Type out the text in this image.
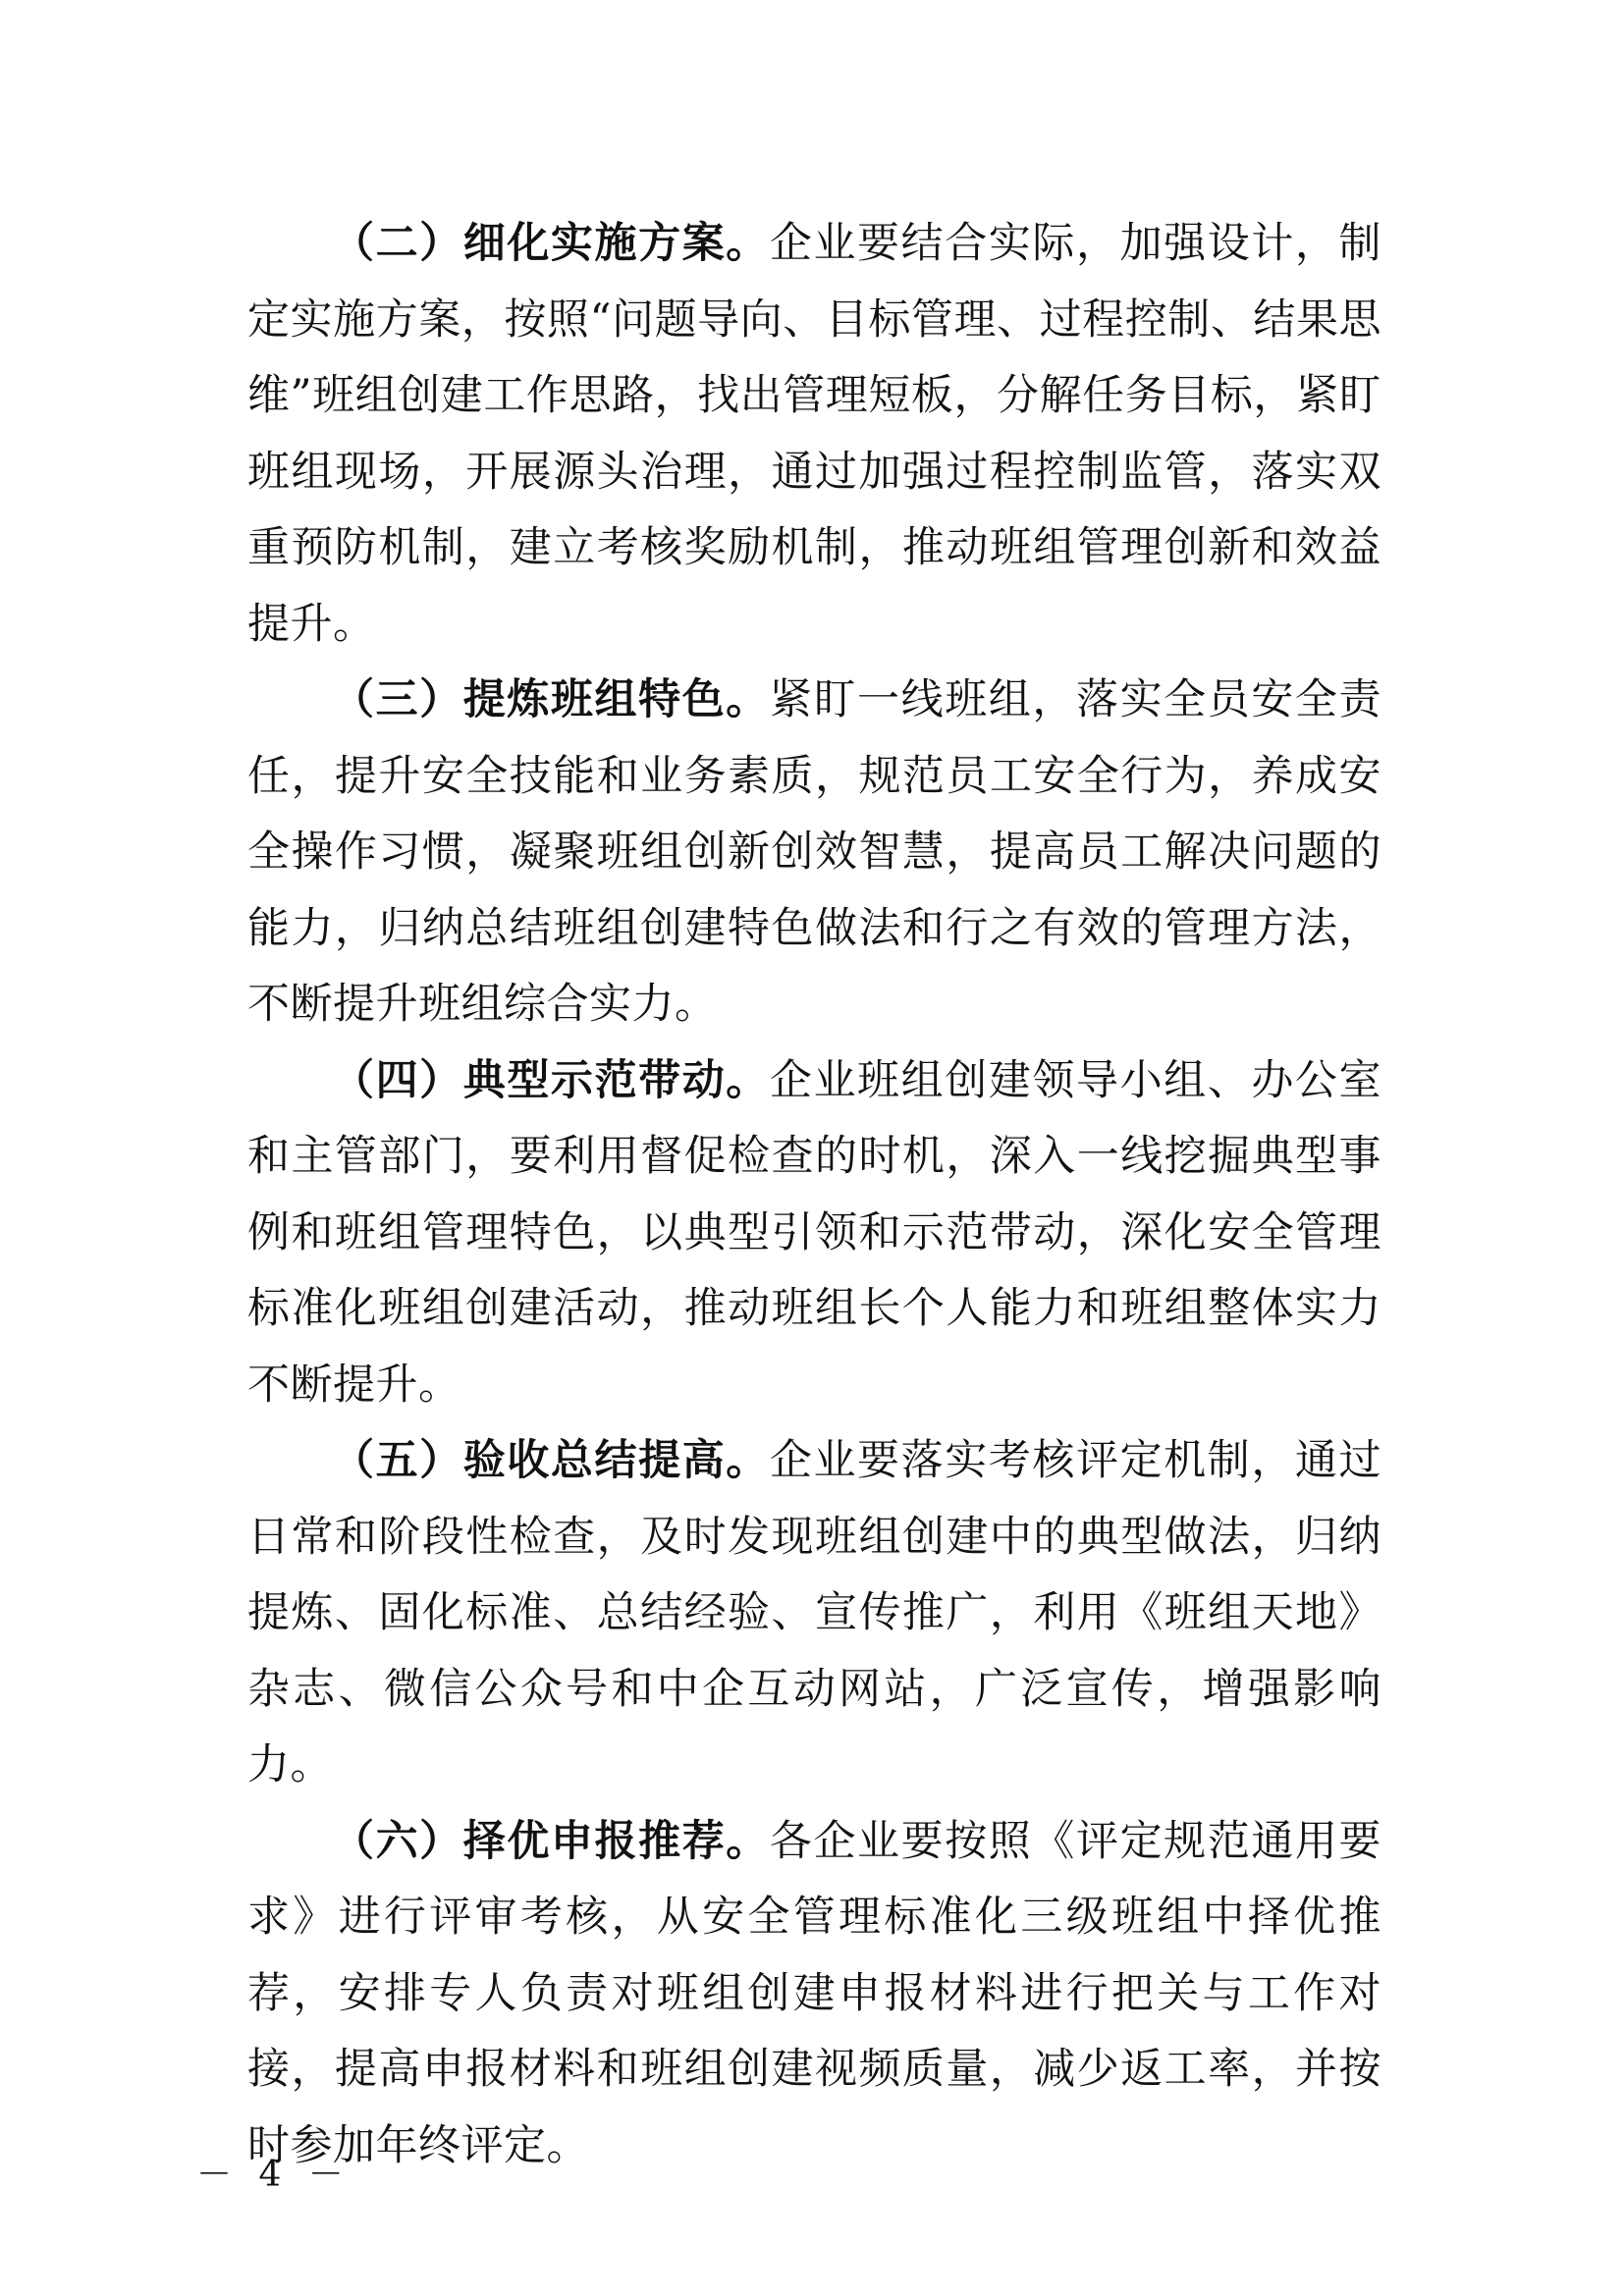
（二）细化实施方案。企业要结合实际，加强设计，制定实施方案，按照“问题导向、目标管理、过程控制、结果思维”班组创建工作思路，找出管理短板，分解任务目标，紧盯班组现场，开展源头治理，通过加强过程控制监管，落实双重预防机制，建立考核奖励机制，推动班组管理创新和效益提升。

（三）提炼班组特色。紧盯一线班组，落实全员安全责任，提升安全技能和业务素质，规范员工安全行为，养成安全操作习惯，凝聚班组创新创效智慧，提高员工解决问题的能力，归纳总结班组创建特色做法和行之有效的管理方法，不断提升班组综合实力。

（四）典型示范带动。企业班组创建领导小组、办公室和主管部门，要利用督促检查的时机，深入一线挖掘典型事例和班组管理特色，以典型引领和示范带动，深化安全管理标准化班组创建活动，推动班组长个人能力和班组整体实力不断提升。

（五）验收总结提高。企业要落实考核评定机制，通过日常和阶段性检查，及时发现班组创建中的典型做法，归纳提炼、固化标准、总结经验、宣传推广，利用《班组天地》杂志、微信公众号和中企互动网站，广泛宣传，增强影响力。

（六）择优申报推荐。各企业要按照《评定规范通用要求》进行评审考核，从安全管理标准化三级班组中择优推荐，安排专人负责对班组创建申报材料进行把关与工作对接，提高申报材料和班组创建视频质量，减少返工率，并按时参加年终评定。

－ 4 －
